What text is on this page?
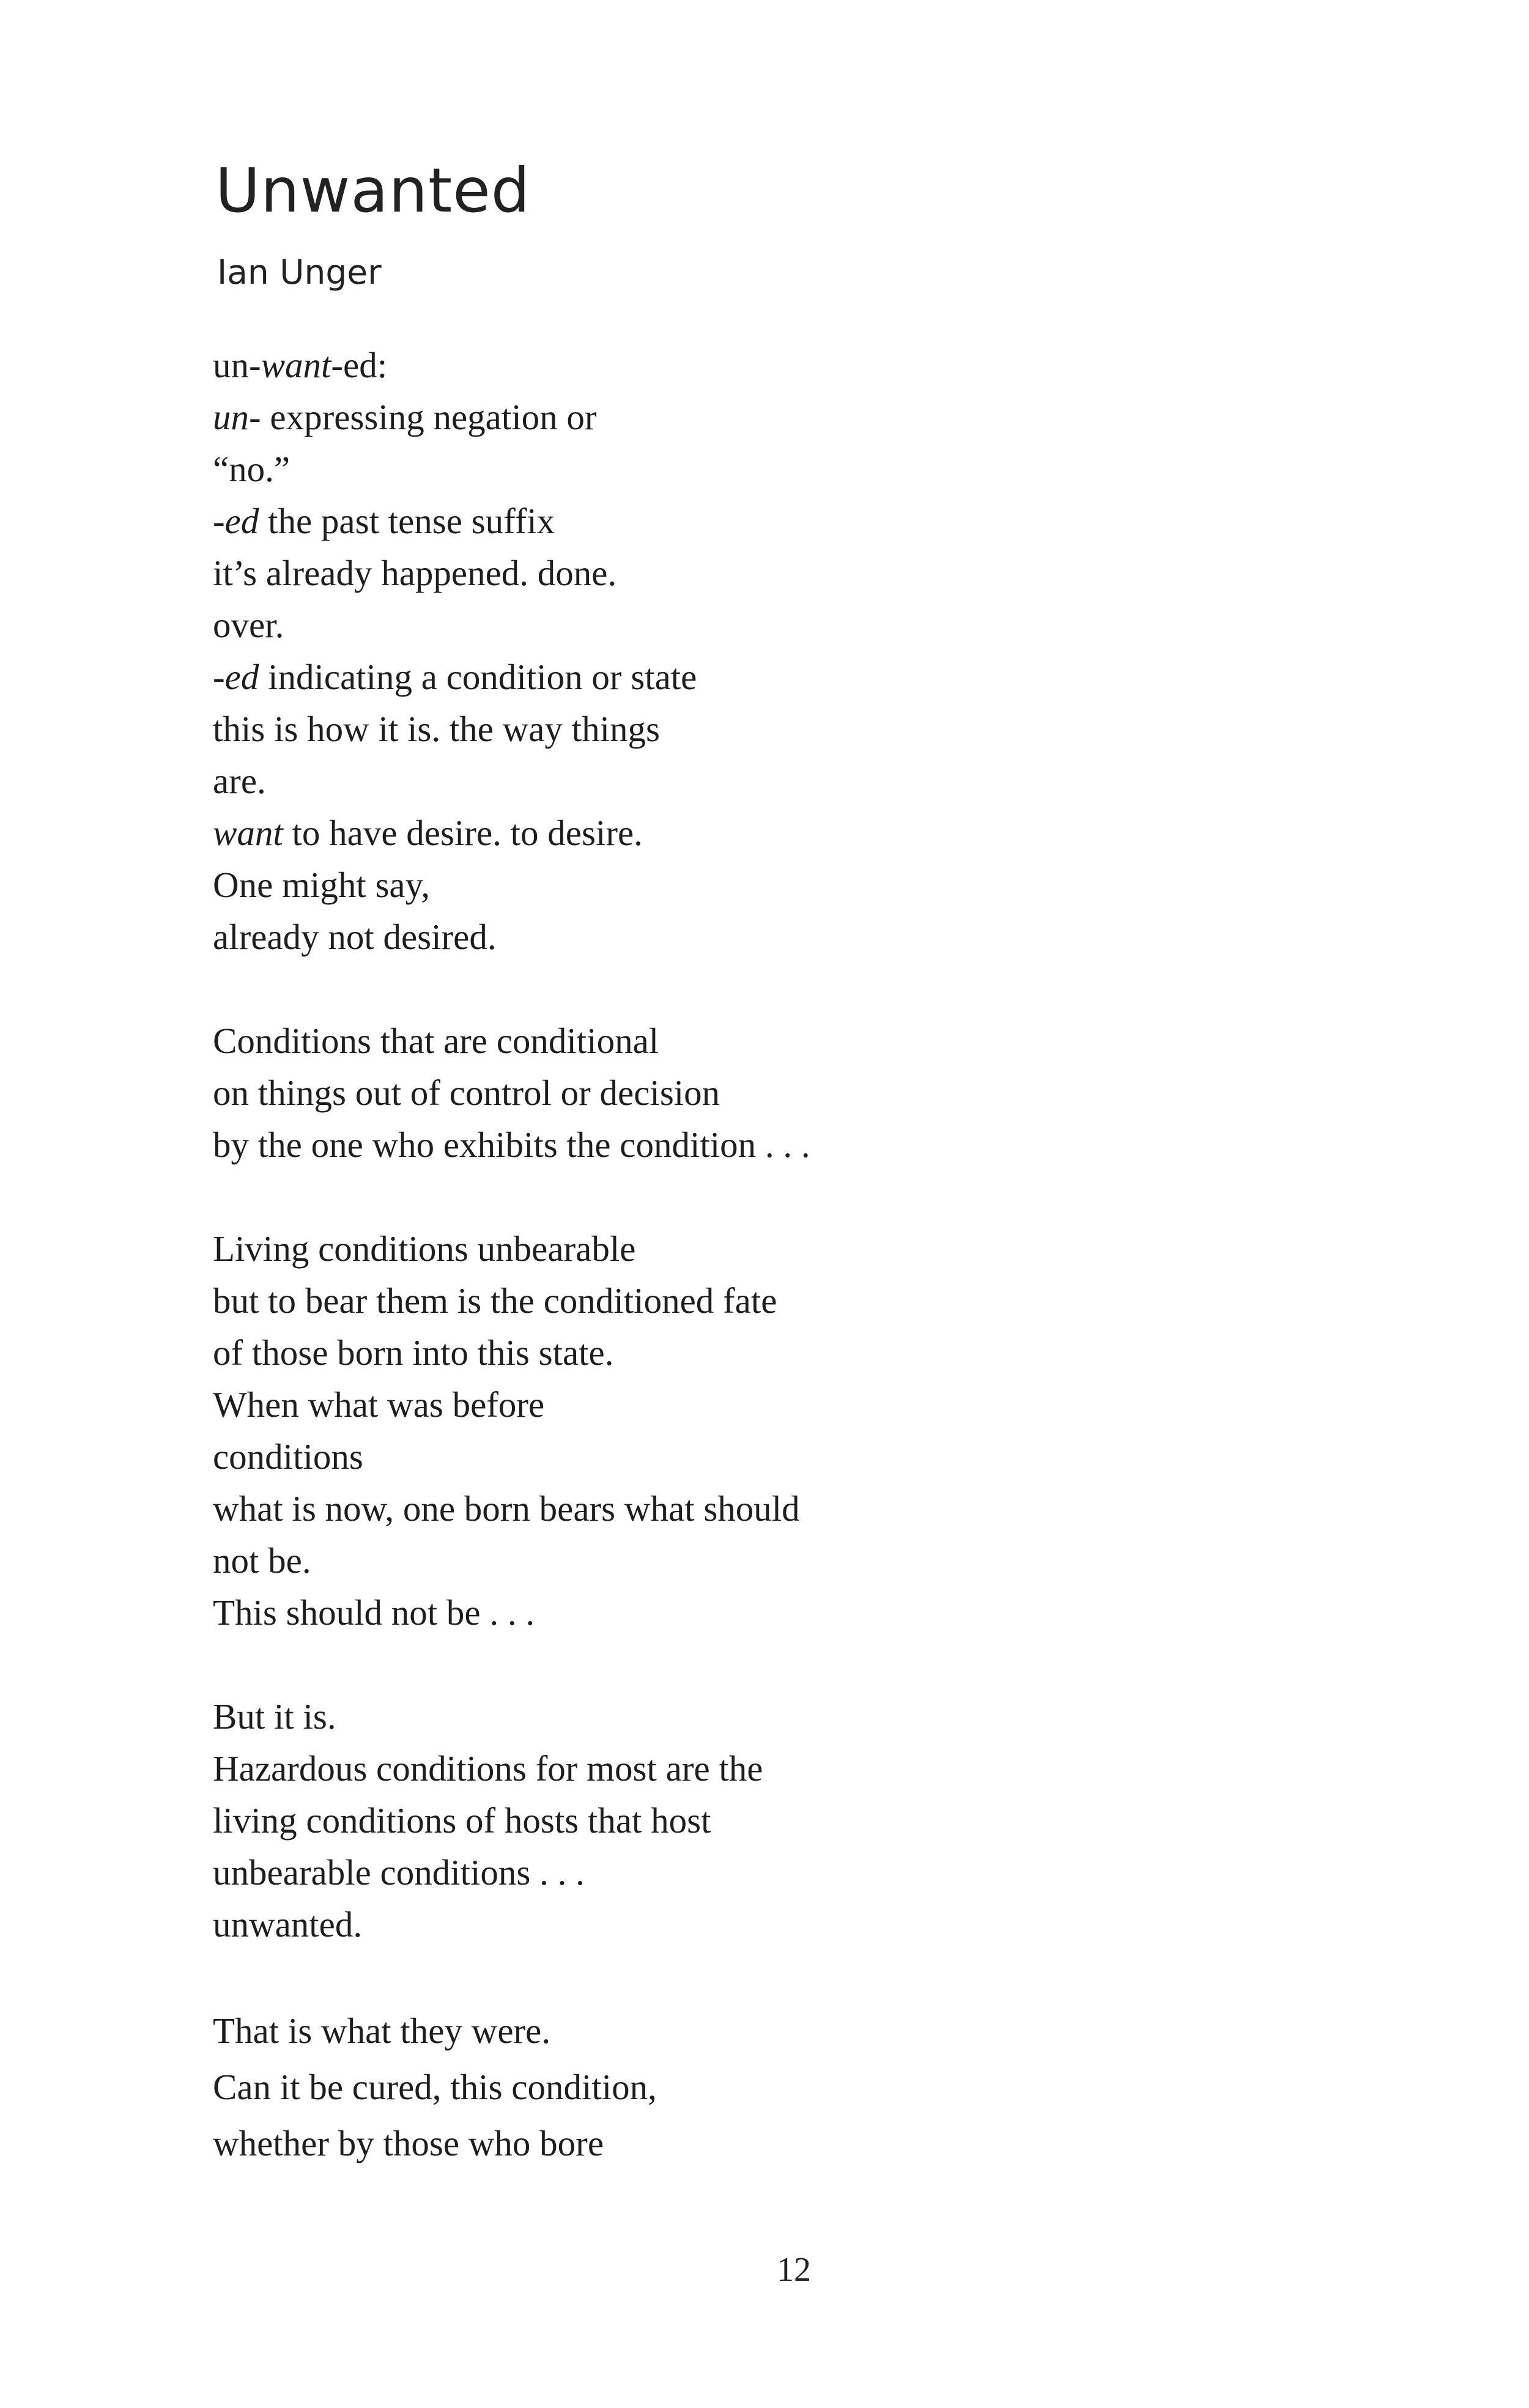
Unwanted
Ian Unger
un-want-ed:
un- expressing negation or
“no.”
-ed the past tense suffix
it’s already happened. done.
over.
-ed indicating a condition or state
this is how it is. the way things
are.
want to have desire. to desire.
One might say,
already not desired.
Conditions that are conditional
on things out of control or decision
by the one who exhibits the condition . . .
Living conditions unbearable
but to bear them is the conditioned fate
of those born into this state.
When what was before
conditions
what is now, one born bears what should
not be.
This should not be . . .
But it is.
Hazardous conditions for most are the
living conditions of hosts that host
unbearable conditions . . .
unwanted.
That is what they were.
Can it be cured, this condition,
whether by those who bore
12
